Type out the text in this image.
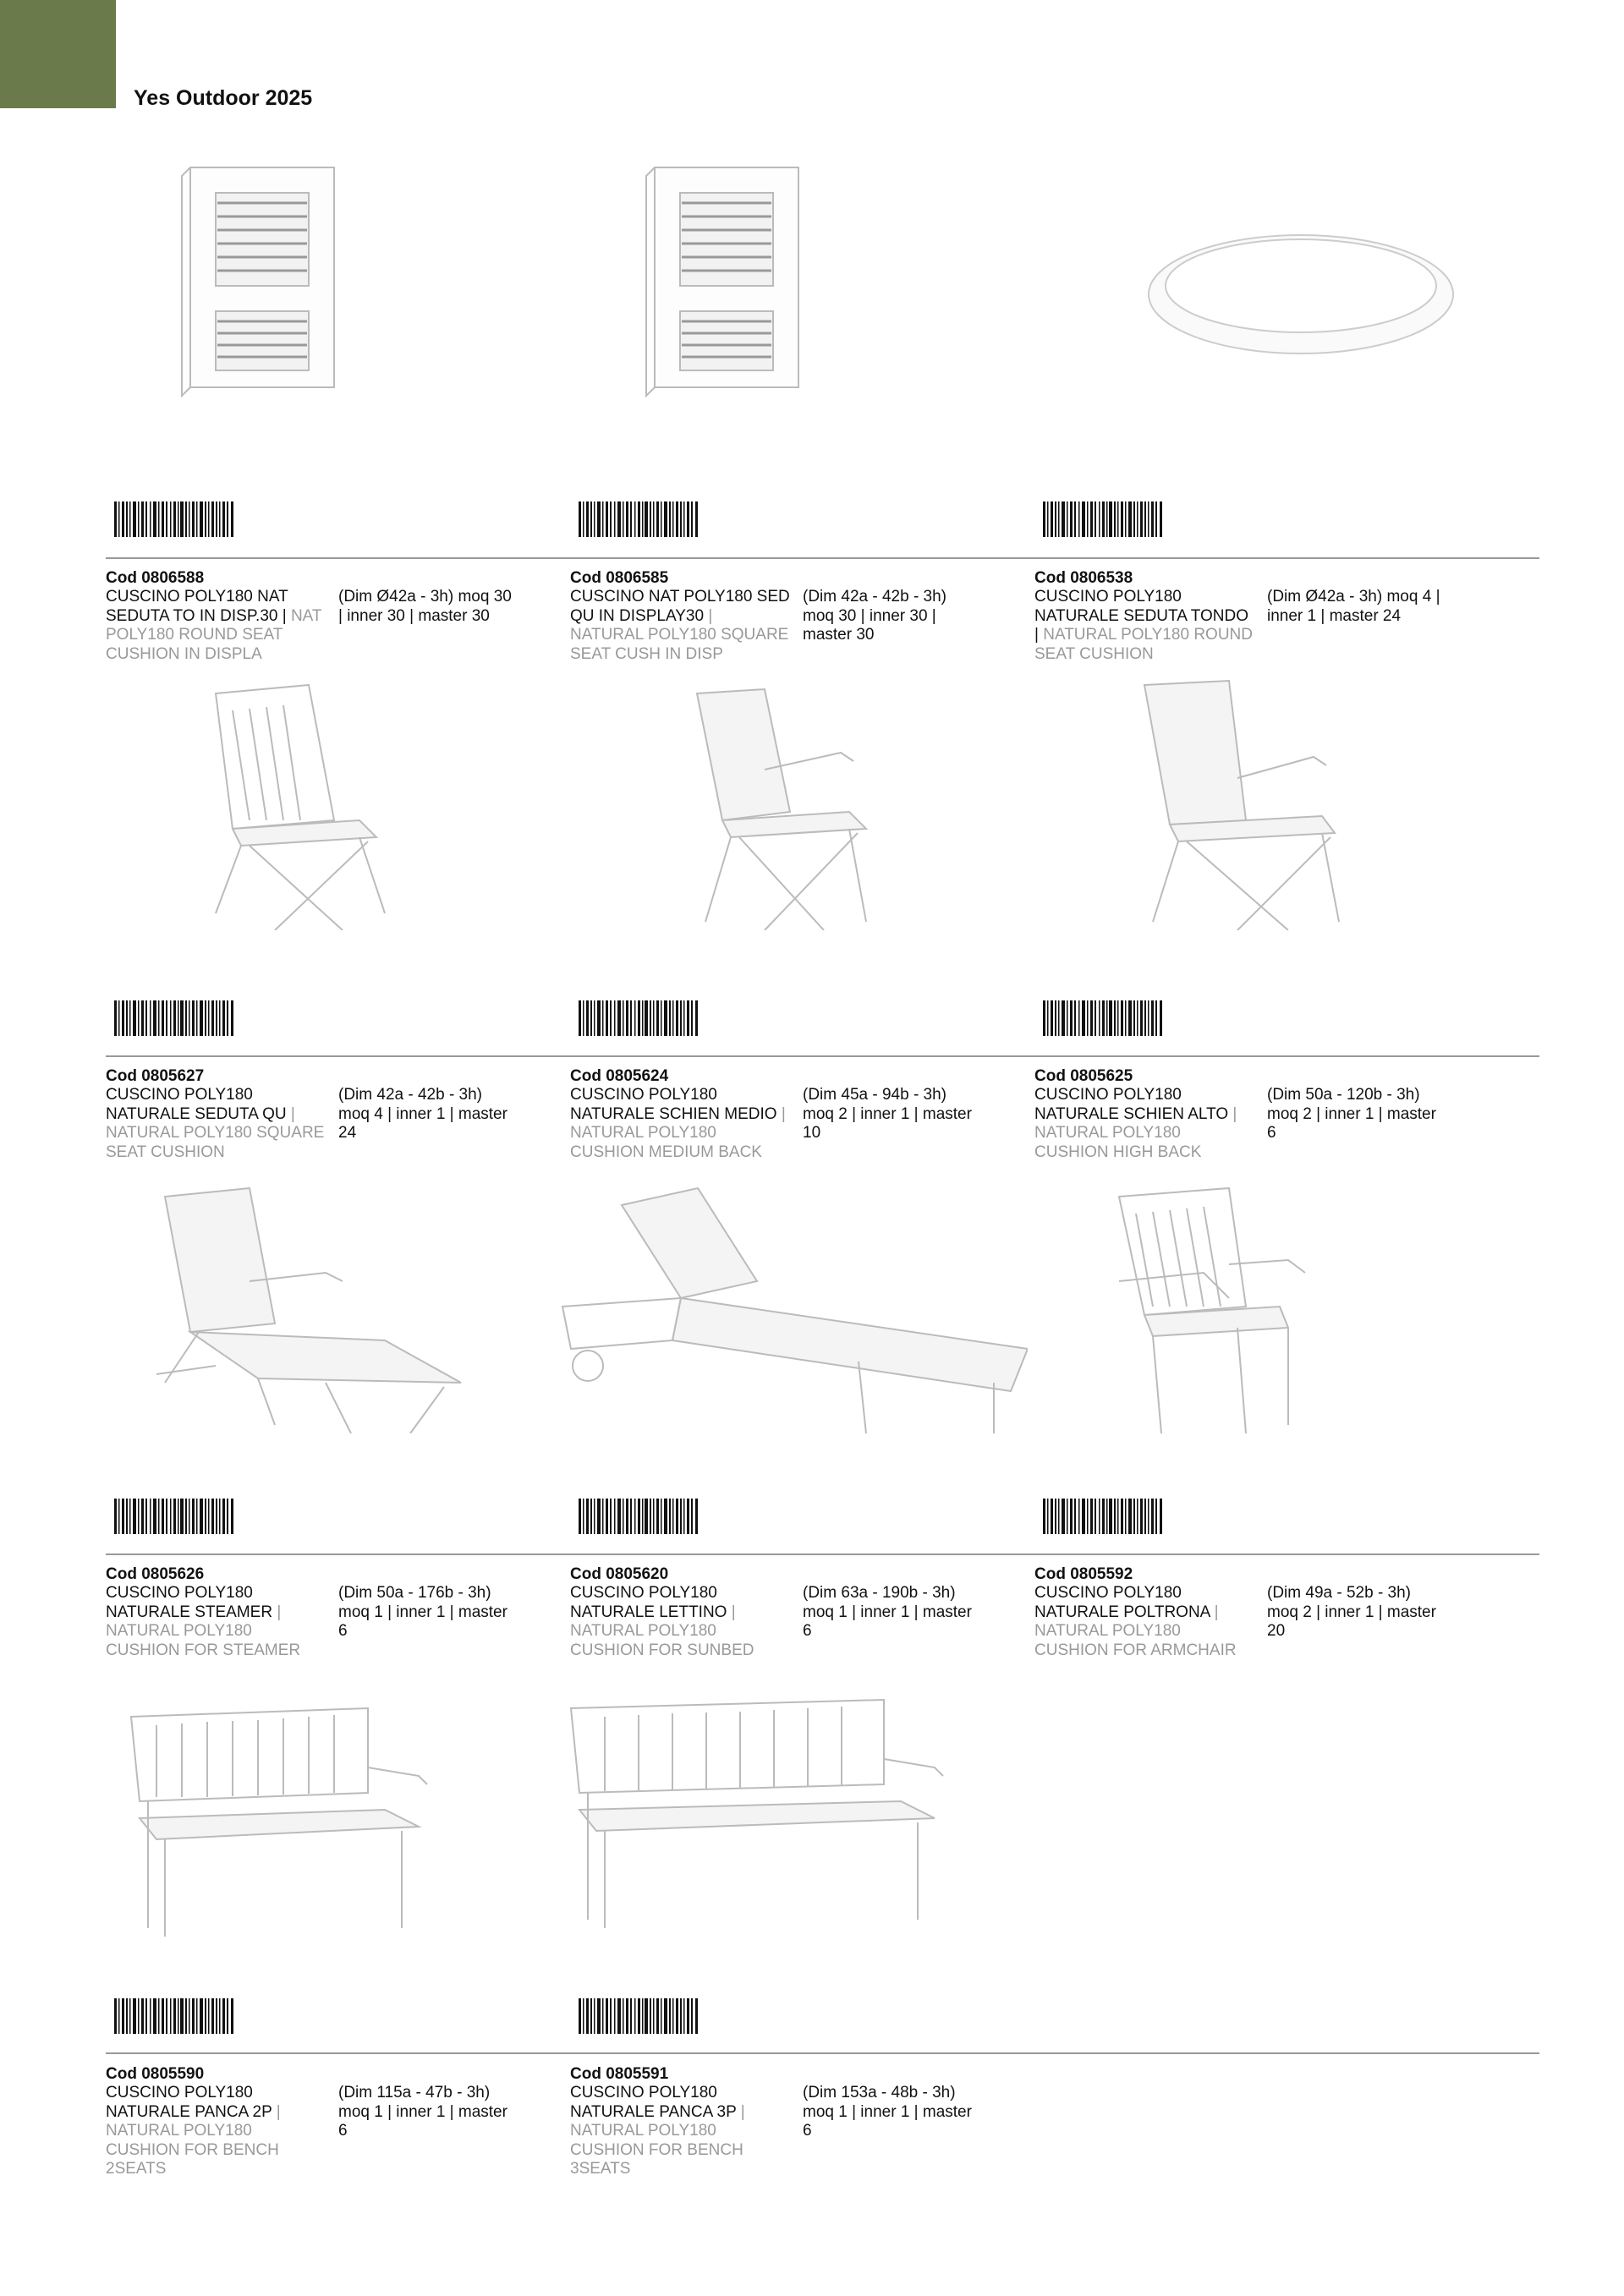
Yes Outdoor 2025
Cod 0806588
CUSCINO POLY180 NAT SEDUTA TO IN DISP.30 | NAT POLY180 ROUND SEAT CUSHION IN DISPLA
(Dim Ø42a - 3h) moq 30 | inner 30 | master 30
Cod 0806585
CUSCINO NAT POLY180 SED QU IN DISPLAY30 | NATURAL POLY180 SQUARE SEAT CUSH IN DISP
(Dim 42a - 42b - 3h) moq 30 | inner 30 | master 30
Cod 0806538
CUSCINO POLY180 NATURALE SEDUTA TONDO | NATURAL POLY180 ROUND SEAT CUSHION
(Dim Ø42a - 3h) moq 4 | inner 1 | master 24
Cod 0805627
CUSCINO POLY180 NATURALE SEDUTA QU | NATURAL POLY180 SQUARE SEAT CUSHION
(Dim 42a - 42b - 3h) moq 4 | inner 1 | master 24
Cod 0805624
CUSCINO POLY180 NATURALE SCHIEN MEDIO | NATURAL POLY180 CUSHION MEDIUM BACK
(Dim 45a - 94b - 3h) moq 2 | inner 1 | master 10
Cod 0805625
CUSCINO POLY180 NATURALE SCHIEN ALTO | NATURAL POLY180 CUSHION HIGH BACK
(Dim 50a - 120b - 3h) moq 2 | inner 1 | master 6
Cod 0805626
CUSCINO POLY180 NATURALE STEAMER | NATURAL POLY180 CUSHION FOR STEAMER
(Dim 50a - 176b - 3h) moq 1 | inner 1 | master 6
Cod 0805620
CUSCINO POLY180 NATURALE LETTINO | NATURAL POLY180 CUSHION FOR SUNBED
(Dim 63a - 190b - 3h) moq 1 | inner 1 | master 6
Cod 0805592
CUSCINO POLY180 NATURALE POLTRONA | NATURAL POLY180 CUSHION FOR ARMCHAIR
(Dim 49a - 52b - 3h) moq 2 | inner 1 | master 20
Cod 0805590
CUSCINO POLY180 NATURALE PANCA 2P | NATURAL POLY180 CUSHION FOR BENCH 2SEATS
(Dim 115a - 47b - 3h) moq 1 | inner 1 | master 6
Cod 0805591
CUSCINO POLY180 NATURALE PANCA 3P | NATURAL POLY180 CUSHION FOR BENCH 3SEATS
(Dim 153a - 48b - 3h) moq 1 | inner 1 | master 6
